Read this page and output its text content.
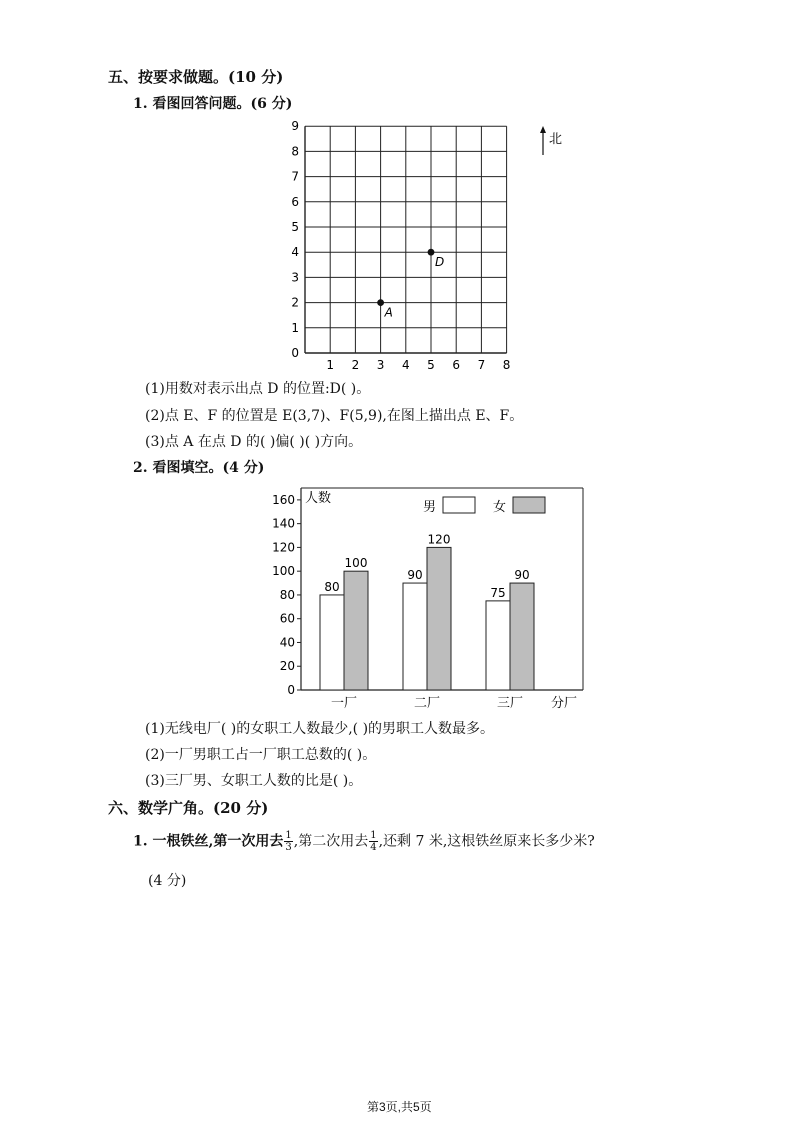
五、按要求做题。(10 分)
1. 看图回答问题。(6 分)
1 2 3 4 5 6 7 8
0
1
2
3
4
5
6
7
8
9
A
D
北
(1)用数对表示出点 D 的位置:D( )。
(2)点 E、F 的位置是 E(3,7)、F(5,9),在图上描出点 E、F。
(3)点 A 在点 D 的( )偏( )( )方向。
2. 看图填空。(4 分)
人数
分厂
0
20
40
60
80
100
120
140
160
80
100
90
120
75
90
一厂	二厂	三厂
男	女
(1)无线电厂( )的女职工人数最少,( )的男职工人数最多。
(2)一厂男职工占一厂职工总数的( )。
(3)三厂男、女职工人数的比是( )。
六、数学广角。(20 分)
1. 一根铁丝,第一次用去 $\frac{1}{3}$ ,第二次用去 $\frac{1}{4}$ ,还剩 7 米,这根铁丝原来长多少米?
(4 分)
第3页,共5页
